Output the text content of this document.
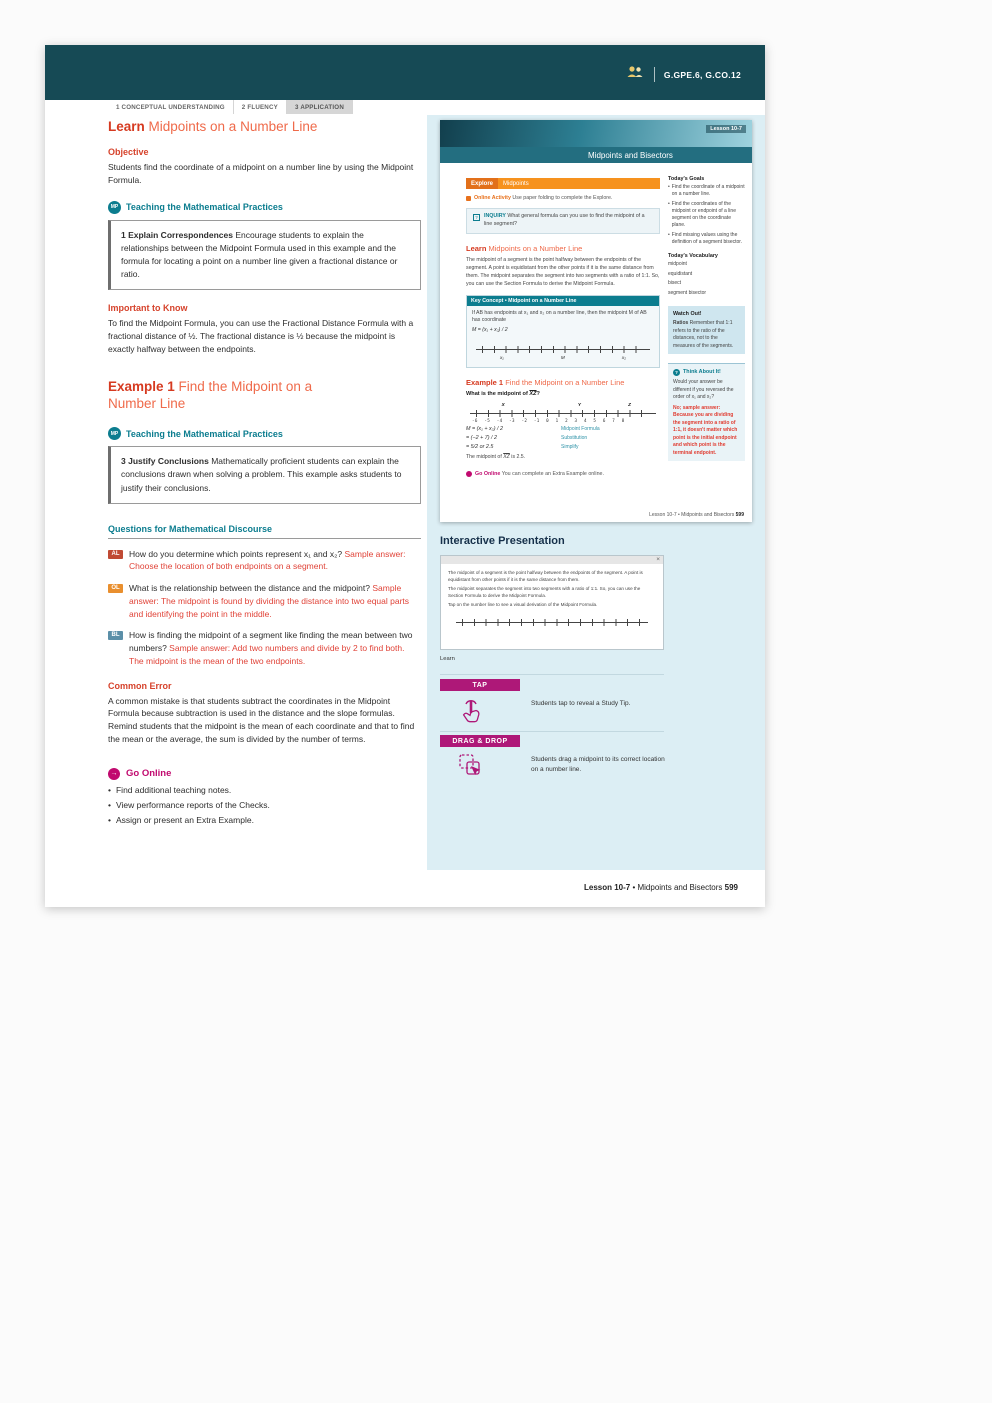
G.GPE.6, G.CO.12
1 CONCEPTUAL UNDERSTANDING	2 FLUENCY	3 APPLICATION
Learn Midpoints on a Number Line
Objective
Students find the coordinate of a midpoint on a number line by using the Midpoint Formula.
MP Teaching the Mathematical Practices
1 Explain Correspondences Encourage students to explain the relationships between the Midpoint Formula used in this example and the formula for locating a point on a number line given a fractional distance or ratio.
Important to Know
To find the Midpoint Formula, you can use the Fractional Distance Formula with a fractional distance of ½. The fractional distance is ½ because the midpoint is exactly halfway between the endpoints.
Example 1 Find the Midpoint on a Number Line
MP Teaching the Mathematical Practices
3 Justify Conclusions Mathematically proficient students can explain the conclusions drawn when solving a problem. This example asks students to justify their conclusions.
Questions for Mathematical Discourse
AL	How do you determine which points represent x₁ and x₂? Sample answer: Choose the location of both endpoints on a segment.
OL	What is the relationship between the distance and the midpoint? Sample answer: The midpoint is found by dividing the distance into two equal parts and identifying the point in the middle.
BL	How is finding the midpoint of a segment like finding the mean between two numbers? Sample answer: Add two numbers and divide by 2 to find both. The midpoint is the mean of the two endpoints.
Common Error
A common mistake is that students subtract the coordinates in the Midpoint Formula because subtraction is used in the distance and the slope formulas. Remind students that the midpoint is the mean of each coordinate and that to find the mean or the average, the sum is divided by the number of terms.
→ Go Online
• Find additional teaching notes.
• View performance reports of the Checks.
• Assign or present an Extra Example.
Lesson 10-7
Midpoints and Bisectors
Explore	Midpoints
Online Activity Use paper folding to complete the Explore.
?	INQUIRY What general formula can you use to find the midpoint of a line segment?
Learn Midpoints on a Number Line
The midpoint of a segment is the point halfway between the endpoints of the segment. A point is equidistant from the other points if it is the same distance from them. The midpoint separates the segment into two segments with a ratio of 1:1. So, you can use the Section Formula to derive the Midpoint Formula.
Key Concept • Midpoint on a Number Line
If AB has endpoints at x₁ and x₂ on a number line, then the midpoint M of AB has coordinate
M = (x₁ + x₂) / 2
x₁	M	x₂
Example 1 Find the Midpoint on a Number Line
What is the midpoint of $\overline{XZ}$?
X	Y	Z
-6 -5 -4 -3 -2 -1 0 1 2 3 4 5 6 7 8
M = (x₁ + x₂) / 2	Midpoint Formula
= (−2 + 7) / 2	Substitution
= 5/2 or 2.5	Simplify
The midpoint of $\overline{XZ}$ is 2.5.
Go Online You can complete an Extra Example online.
Today's Goals
• Find the coordinate of a midpoint on a number line.
• Find the coordinates of the midpoint or endpoint of a line segment on the coordinate plane.
• Find missing values using the definition of a segment bisector.
Today's Vocabulary
midpoint
equidistant
bisect
segment bisector
Watch Out!
Ratios Remember that 1:1 refers to the ratio of the distances, not to the measures of the segments.
? Think About It!

Would your answer be different if you reversed the order of x₁ and x₂?

No; sample answer: Because you are dividing the segment into a ratio of 1:1, it doesn't matter which point is the initial endpoint and which point is the terminal endpoint.

Lesson 10-7 • Midpoints and Bisectors 599
Interactive Presentation
×

The midpoint of a segment is the point halfway between the endpoints of the segment. A point is equidistant from other points if it is the same distance from them.

The midpoint separates the segment into two segments with a ratio of 1:1. So, you can use the Section Formula to derive the Midpoint Formula.

Tap on the number line to see a visual derivation of the Midpoint Formula.

Learn
TAP
Students tap to reveal a Study Tip.
DRAG & DROP
Students drag a midpoint to its correct location on a number line.
Lesson 10-7 • Midpoints and Bisectors 599
